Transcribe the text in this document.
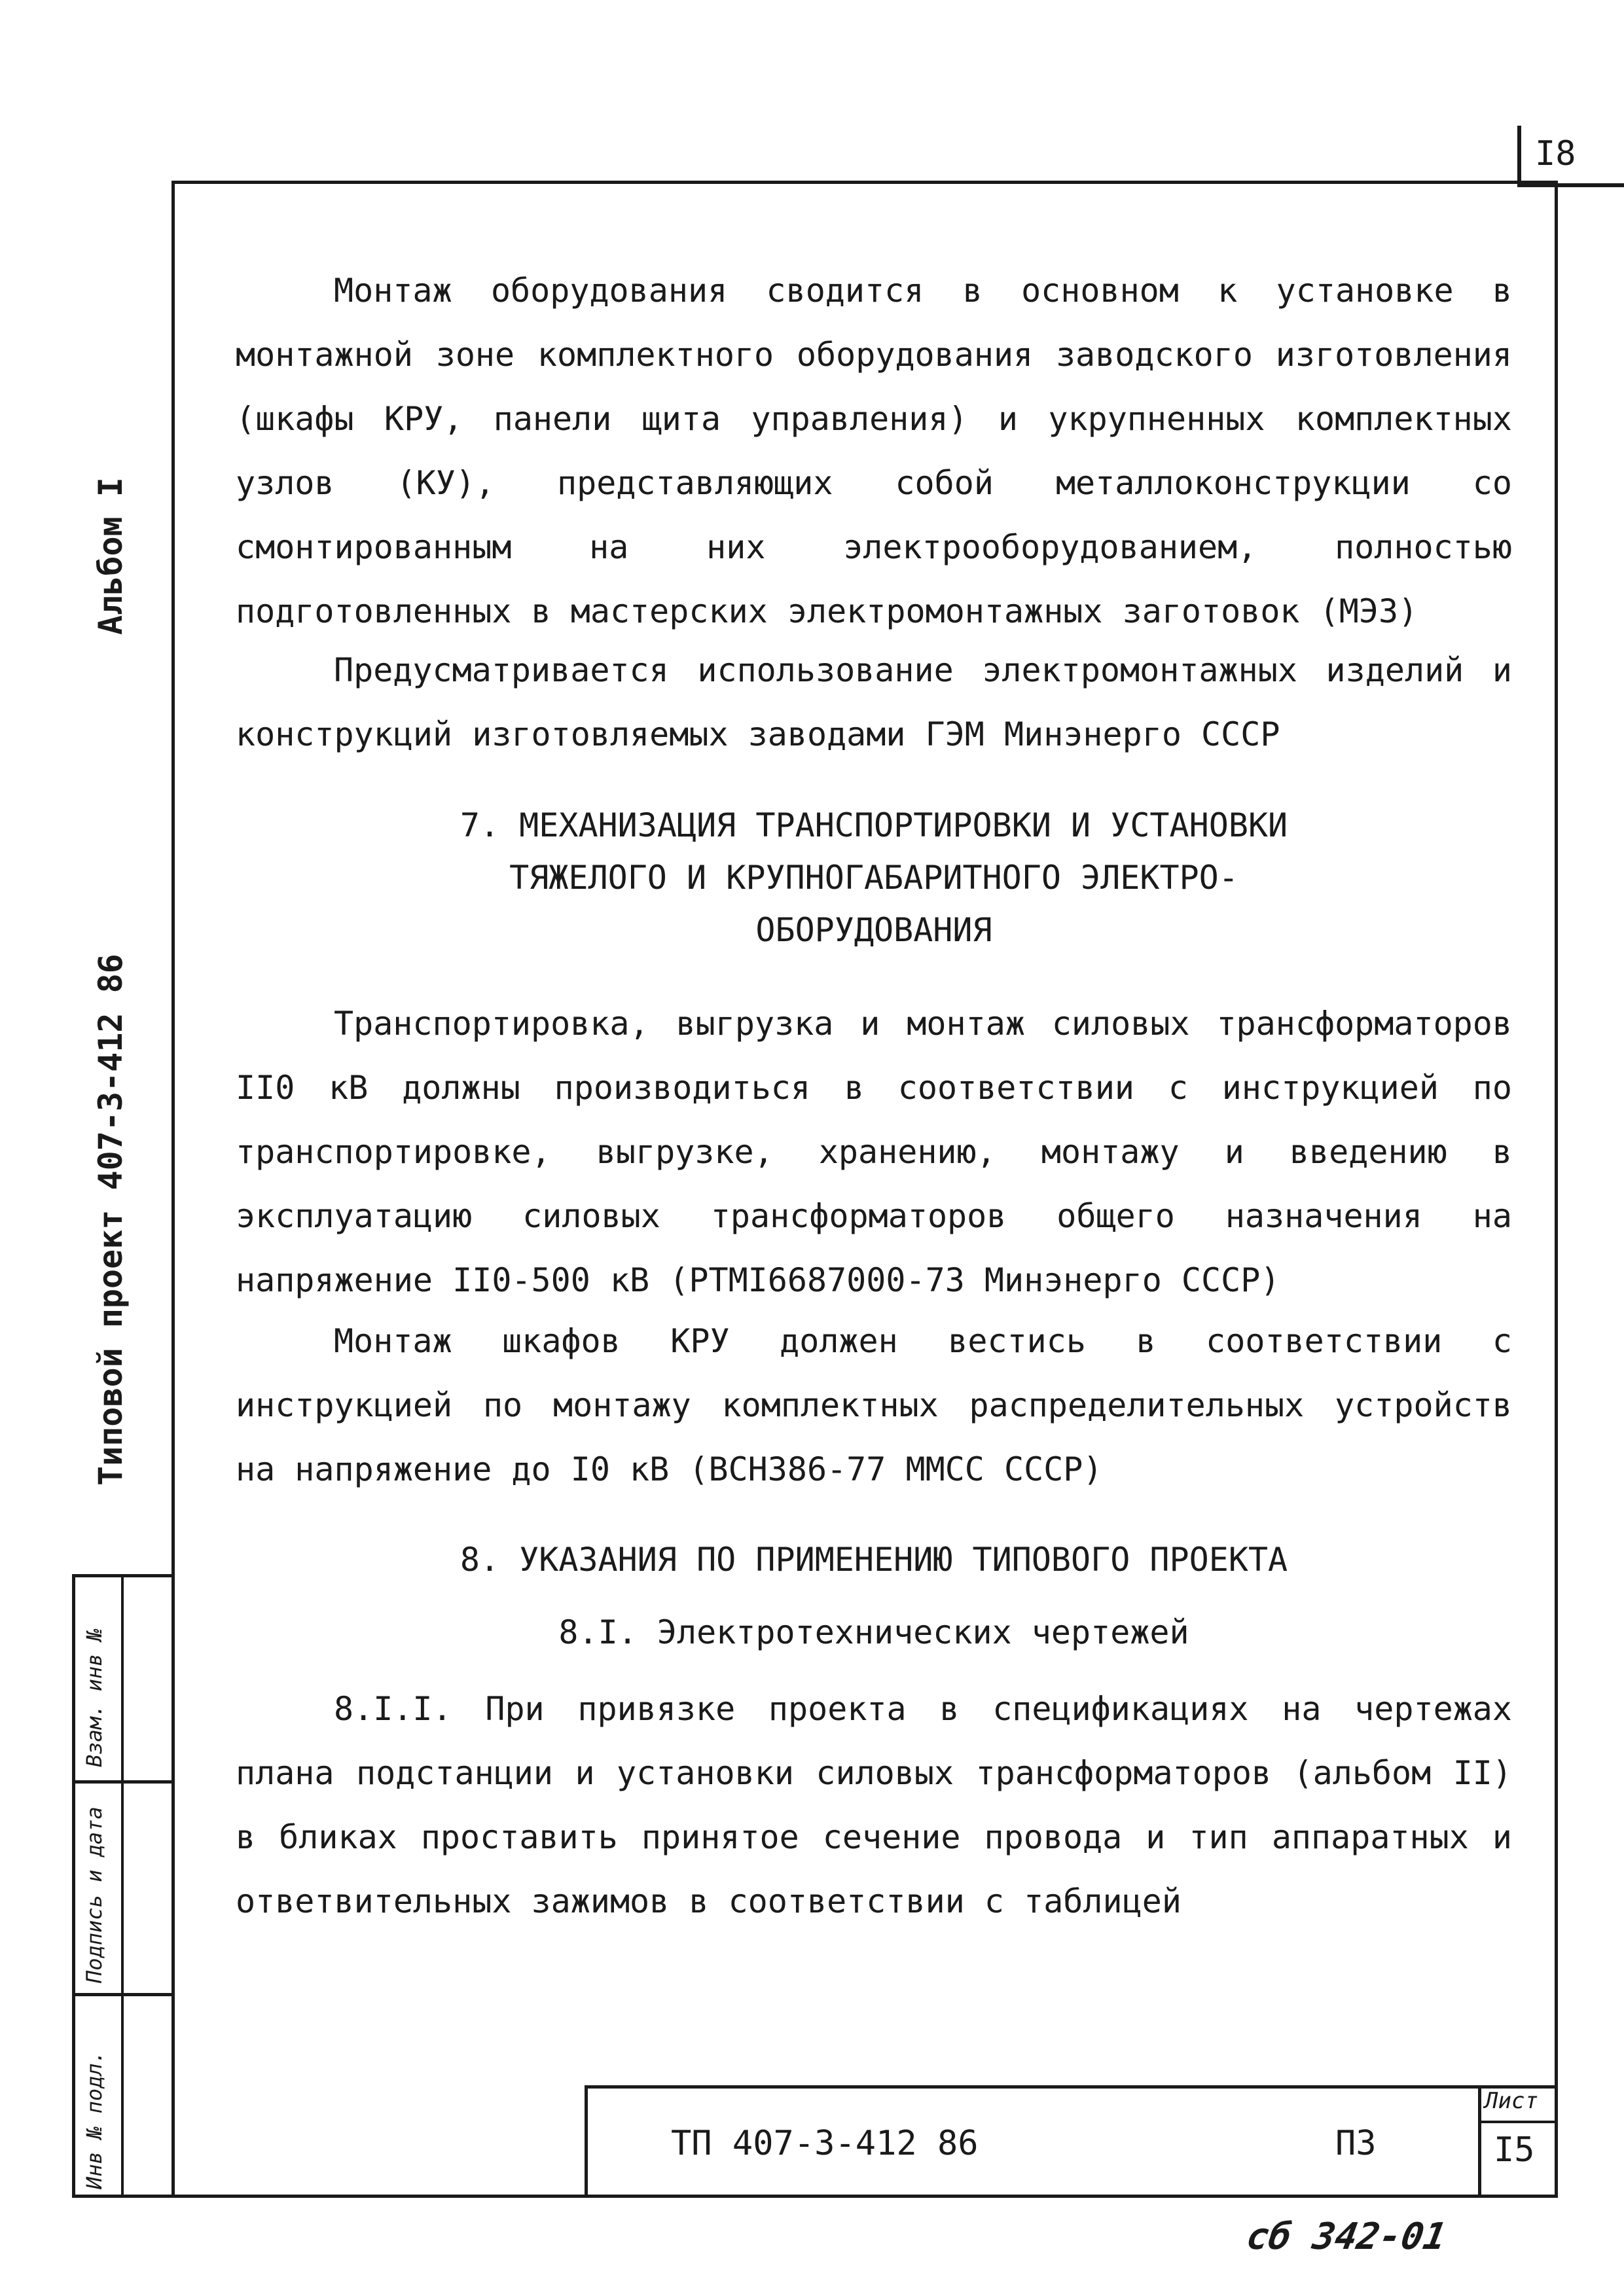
I8
Альбом I
Типовой проект 407-3-412 86
Взам. инв №
Подпись и дата
Инв № подл.
Монтаж оборудования сводится в основном к установке в монтажной зоне комплектного оборудования заводского изготовления (шкафы КРУ, панели щита управления) и укрупненных комплектных узлов (КУ), представляющих собой металлоконструкции со смонтированным на них электрооборудованием, полностью подготовленных в мастерских электромонтажных заготовок (МЭЗ)
Предусматривается использование электромонтажных изделий и конструкций изготовляемых заводами ГЭМ Минэнерго СССР
7. МЕХАНИЗАЦИЯ ТРАНСПОРТИРОВКИ И УСТАНОВКИ
ТЯЖЕЛОГО И КРУПНОГАБАРИТНОГО ЭЛЕКТРО-
ОБОРУДОВАНИЯ
Транспортировка, выгрузка и монтаж силовых трансформаторов II0 кВ должны производиться в соответствии с инструкцией по транспортировке, выгрузке, хранению, монтажу и введению в эксплуатацию силовых трансформаторов общего назначения на напряжение II0-500 кВ (PTMI6687000-73 Минэнерго СССР)
Монтаж шкафов КРУ должен вестись в соответствии с инструкцией по монтажу комплектных распределительных устройств на напряжение до I0 кВ (ВСН386-77 ММСС СССР)
8. УКАЗАНИЯ ПО ПРИМЕНЕНИЮ ТИПОВОГО ПРОЕКТА
8.I. Электротехнических чертежей
8.I.I. При привязке проекта в спецификациях на чертежах плана подстанции и установки силовых трансформаторов (альбом II) в бликах проставить принятое сечение провода и тип аппаратных и ответвительных зажимов в соответствии с таблицей
ТП 407-3-412 86	ПЗ
Лист
I5
сб 342-01
